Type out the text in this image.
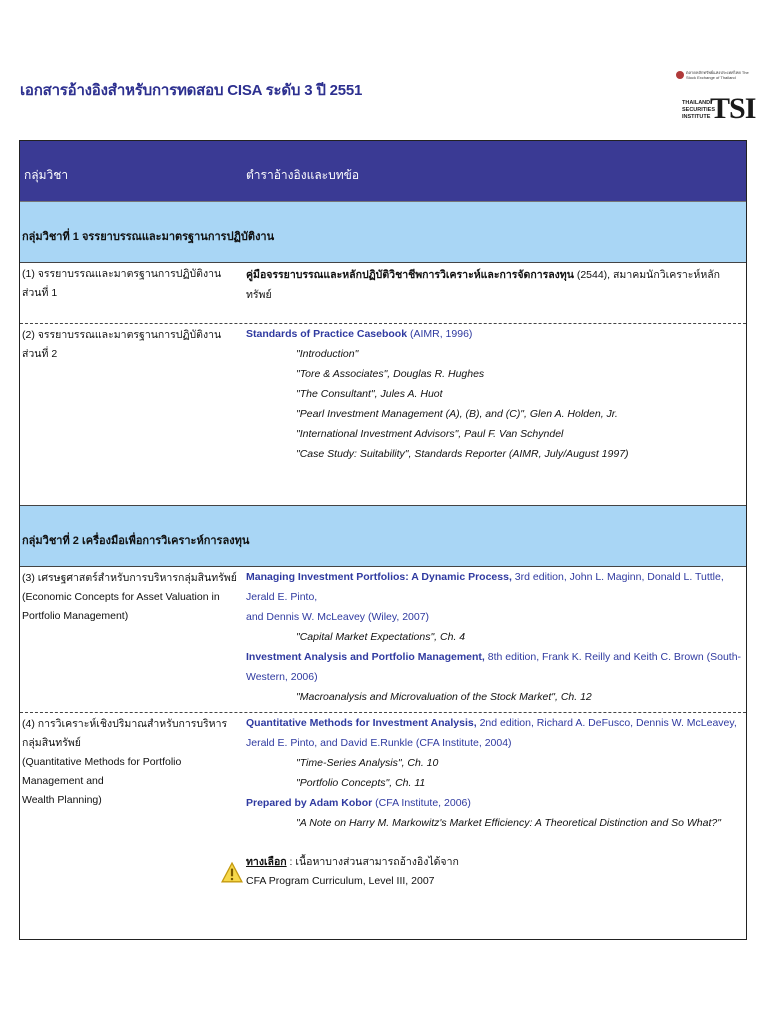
เอกสารอ้างอิงสำหรับการทดสอบ CISA ระดับ 3 ปี 2551
ตลาดหลักทรัพย์แห่งประเทศไทย The Stock Exchange of Thailand
THAILAND
SECURITIES
INSTITUTE TSI
กลุ่มวิชา	ตำราอ้างอิงและบทข้อ
กลุ่มวิชาที่ 1 จรรยาบรรณและมาตรฐานการปฏิบัติงาน
(1) จรรยาบรรณและมาตรฐานการปฏิบัติงาน ส่วนที่ 1
คู่มือจรรยาบรรณและหลักปฏิบัติวิชาชีพการวิเคราะห์และการจัดการลงทุน (2544), สมาคมนักวิเคราะห์หลักทรัพย์
(2) จรรยาบรรณและมาตรฐานการปฏิบัติงาน ส่วนที่ 2
Standards of Practice Casebook (AIMR, 1996)
"Introduction"
"Tore & Associates", Douglas R. Hughes
"The Consultant", Jules A. Huot
"Pearl Investment Management (A), (B), and (C)", Glen A. Holden, Jr.
"International Investment Advisors", Paul F. Van Schyndel
"Case Study: Suitability", Standards Reporter (AIMR, July/August 1997)
กลุ่มวิชาที่ 2 เครื่องมือเพื่อการวิเคราะห์การลงทุน
(3) เศรษฐศาสตร์สำหรับการบริหารกลุ่มสินทรัพย์
(Economic Concepts for Asset Valuation in
Portfolio Management)
Managing Investment Portfolios: A Dynamic Process, 3rd edition, John L. Maginn, Donald L. Tuttle, Jerald E. Pinto,
and Dennis W. McLeavey (Wiley, 2007)
"Capital Market Expectations", Ch. 4
Investment Analysis and Portfolio Management, 8th edition, Frank K. Reilly and Keith C. Brown (South-Western, 2006)
"Macroanalysis and Microvaluation of the Stock Market", Ch. 12
(4) การวิเคราะห์เชิงปริมาณสำหรับการบริหารกลุ่มสินทรัพย์
(Quantitative Methods for Portfolio Management and
Wealth Planning)
Quantitative Methods for Investment Analysis, 2nd edition, Richard A. DeFusco, Dennis W. McLeavey,
Jerald E. Pinto, and David E.Runkle (CFA Institute, 2004)
"Time-Series Analysis", Ch. 10
"Portfolio Concepts", Ch. 11
Prepared by Adam Kobor (CFA Institute, 2006)
"A Note on Harry M. Markowitz's Market Efficiency: A Theoretical Distinction and So What?"
ทางเลือก : เนื้อหาบางส่วนสามารถอ้างอิงได้จาก
CFA Program Curriculum, Level III, 2007
